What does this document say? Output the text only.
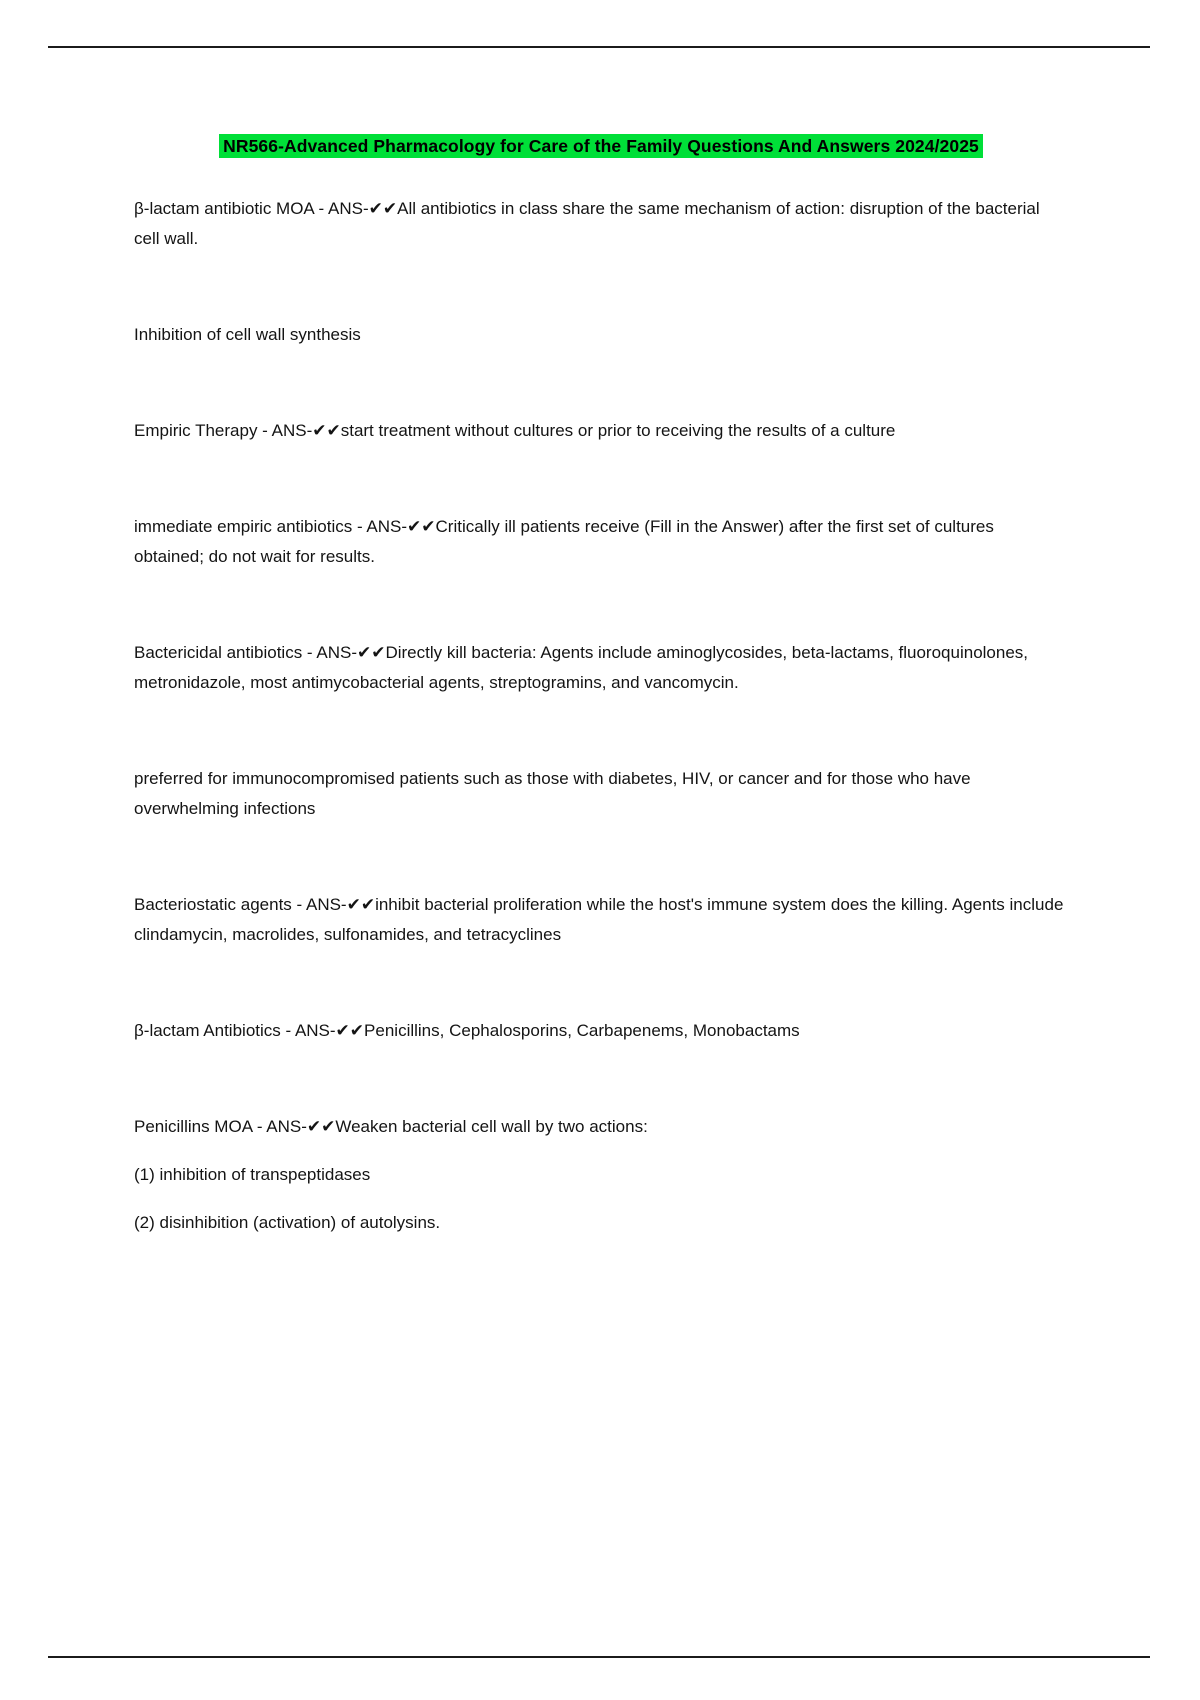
NR566-Advanced Pharmacology for Care of the Family Questions And Answers 2024/2025

β-lactam antibiotic MOA - ANS-✔✔All antibiotics in class share the same mechanism of action: disruption of the bacterial cell wall.

Inhibition of cell wall synthesis

Empiric Therapy - ANS-✔✔start treatment without cultures or prior to receiving the results of a culture

immediate empiric antibiotics - ANS-✔✔Critically ill patients receive (Fill in the Answer) after the first set of cultures obtained; do not wait for results.

Bactericidal antibiotics - ANS-✔✔Directly kill bacteria: Agents include aminoglycosides, beta-lactams, fluoroquinolones, metronidazole, most antimycobacterial agents, streptogramins, and vancomycin.

preferred for immunocompromised patients such as those with diabetes, HIV, or cancer and for those who have overwhelming infections

Bacteriostatic agents - ANS-✔✔inhibit bacterial proliferation while the host's immune system does the killing. Agents include clindamycin, macrolides, sulfonamides, and tetracyclines

β-lactam Antibiotics - ANS-✔✔Penicillins, Cephalosporins, Carbapenems, Monobactams

Penicillins MOA - ANS-✔✔Weaken bacterial cell wall by two actions:

(1) inhibition of transpeptidases

(2) disinhibition (activation) of autolysins.
